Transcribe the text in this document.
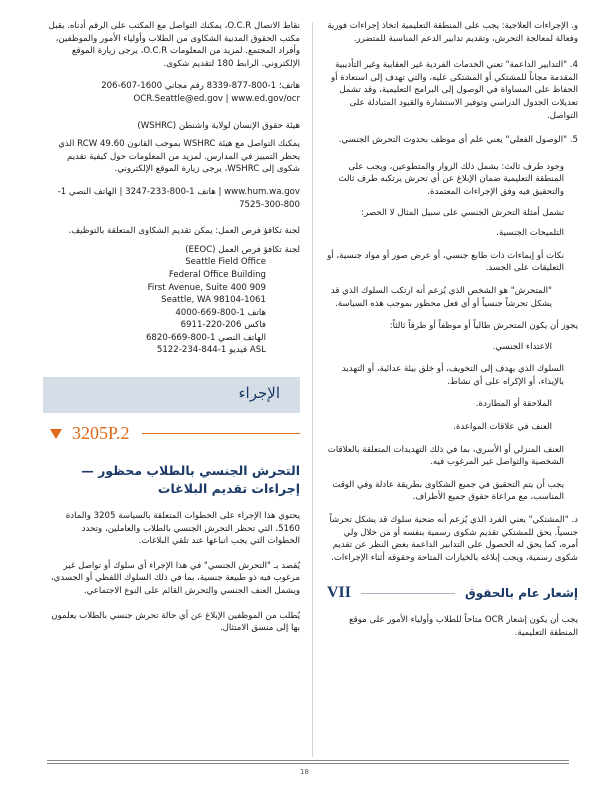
نقاط الاتصال O.C.R، يمكنك التواصل مع المكتب على الرقم أدناه. يقبل مكتب الحقوق المدنية الشكاوى من الطلاب وأولياء الأمور والموظفين، وأفراد المجتمع. لمزيد من المعلومات O.C.R، يرجى زيارة الموقع الإلكتروني. الرابط 180 لتقديم شكوى.

206-607-1600 هاتف؛ 1-800-877-8339 رقم مجاني

OCR.Seattle@ed.gov | www.ed.gov/ocr

هيئة حقوق الإنسان لولاية واشنطن (WSHRC)

يمكنك التواصل مع هيئة WSHRC بموجب القانون RCW 49.60 الذي يحظر التمييز في المدارس. لمزيد من المعلومات حول كيفية تقديم شكوى إلى WSHRC، يرجى زيارة الموقع الإلكتروني.

www.hum.wa.gov | هاتف 1-800-233-3247 | الهاتف النصي 1-800-300-7525

لجنة تكافؤ فرص العمل: يمكن تقديم الشكاوى المتعلقة بالتوظيف.

لجنة تكافؤ فرص العمل (EEOC)

Seattle Field Office

Federal Office Building

First Avenue, Suite 400 909

Seattle, WA 98104-1061

هاتف 1-800-669-4000

فاكس 206-220-6911

الهاتف النصي 1-800-669-6820

ASL فيديو 1-844-234-5122

الإجراء
3205P.2

التحرش الجنسي بالطلاب محظور — إجراءات تقديم البلاغات

يحتوي هذا الإجراء على الخطوات المتعلقة بالسياسة 3205 والمادة 5160، التي تحظر التحرش الجنسي بالطلاب والعاملين، وتحدد الخطوات التي يجب اتباعها عند تلقي البلاغات.

يُقصد بـ "التحرش الجنسي" في هذا الإجراء أي سلوك أو تواصل غير مرغوب فيه ذو طبيعة جنسية، بما في ذلك السلوك اللفظي أو الجسدي، ويشمل العنف الجنسي والتحرش القائم على النوع الاجتماعي.

يُطلب من الموظفين الإبلاغ عن أي حالة تحرش جنسي بالطلاب يعلمون بها إلى منسق الامتثال.

و. الإجراءات العلاجية: يجب على المنطقة التعليمية اتخاذ إجراءات فورية وفعالة لمعالجة التحرش، وتقديم تدابير الدعم المناسبة للمتضرر.

4. "التدابير الداعمة" تعني الخدمات الفردية غير العقابية وغير التأديبية المقدمة مجاناً للمشتكي أو المشتكى عليه، والتي تهدف إلى استعادة أو الحفاظ على المساواة في الوصول إلى البرامج التعليمية، وقد تشمل تعديلات الجدول الدراسي وتوفير الاستشارة والقيود المتبادلة على التواصل.

5. "الوصول الفعلي" يعني علم أي موظف بحدوث التحرش الجنسي.

وجود طرف ثالث: يشمل ذلك الزوار والمتطوعين، ويجب على المنطقة التعليمية ضمان الإبلاغ عن أي تحرش يرتكبه طرف ثالث والتحقيق فيه وفق الإجراءات المعتمدة.

تشمل أمثلة التحرش الجنسي على سبيل المثال لا الحصر:

التلميحات الجنسية.

نكات أو إيماءات ذات طابع جنسي، أو عرض صور أو مواد جنسية، أو التعليقات على الجسد.

"المتحرش" هو الشخص الذي يُزعم أنه ارتكب السلوك الذي قد يشكل تحرشاً جنسياً أو أي فعل محظور بموجب هذه السياسة.

يجوز أن يكون المتحرش طالباً أو موظفاً أو طرفاً ثالثاً:

الاعتداء الجنسي.

السلوك الذي يهدف إلى التخويف، أو خلق بيئة عدائية، أو التهديد بالإيذاء، أو الإكراه على أي نشاط.

الملاحقة أو المطاردة.

العنف في علاقات المواعدة.

العنف المنزلي أو الأسري، بما في ذلك التهديدات المتعلقة بالعلاقات الشخصية والتواصل غير المرغوب فيه.

يجب أن يتم التحقيق في جميع الشكاوى بطريقة عادلة وفي الوقت المناسب، مع مراعاة حقوق جميع الأطراف.

د. "المشتكي" يعني الفرد الذي يُزعم أنه ضحية سلوك قد يشكل تحرشاً جنسياً. يحق للمشتكي تقديم شكوى رسمية بنفسه أو من خلال ولي أمره، كما يحق له الحصول على التدابير الداعمة بغض النظر عن تقديم شكوى رسمية، ويجب إبلاغه بالخيارات المتاحة وحقوقه أثناء الإجراءات.

VII	إشعار عام بالحقوق

يجب أن يكون إشعار OCR متاحاً للطلاب وأولياء الأمور على موقع المنطقة التعليمية.

18
